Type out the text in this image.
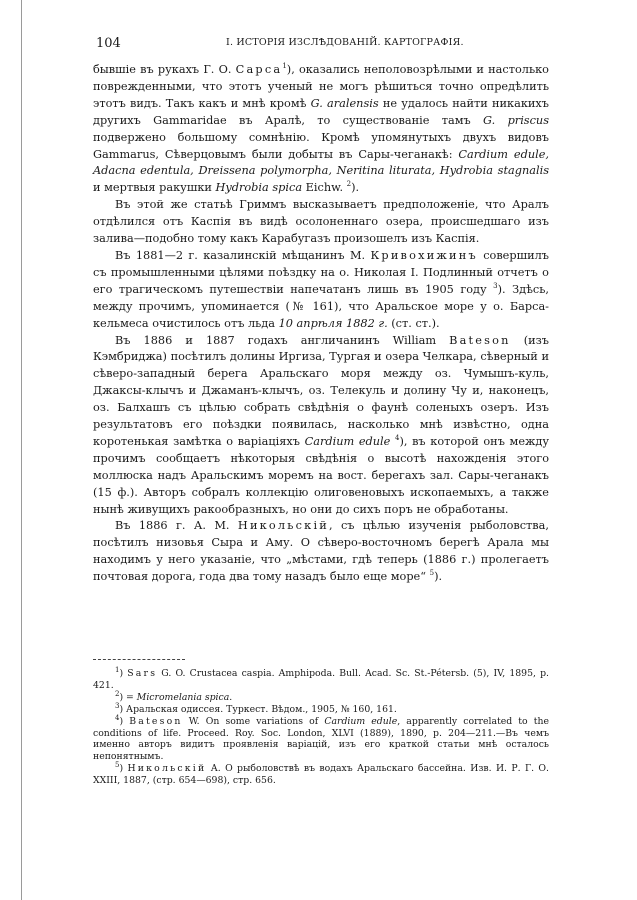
104	I. ИСТОРІЯ ИЗСЛѢДОВАНІЙ. КАРТОГРАФІЯ.

бывшіе въ рукахъ Г. О. Сарса$^1$), оказались неполовозрѣлыми и настолько поврежденными, что этотъ ученый не могъ рѣшиться точно опредѣлить этотъ видъ. Такъ какъ и мнѣ кромѣ G. aralensis не удалось найти никакихъ другихъ Gammaridae въ Аралѣ, то существованіе тамъ G. priscus подвержено большому сомнѣнію. Кромѣ упомянутыхъ двухъ видовъ Gammarus, Сѣверцовымъ были добыты въ Сары-чеганакѣ: Cardium edule, Adacna edentula, Dreissena polymorpha, Neritina liturata, Hydrobia stagnalis и мертвыя ракушки Hydrobia spica Eichw. $^2$).

Въ этой же статьѣ Гриммъ высказываетъ предположеніе, что Аралъ отдѣлился отъ Каспія въ видѣ осолоненнаго озера, происшедшаго изъ залива—подобно тому какъ Карабугазъ произошелъ изъ Каспія.

Въ 1881—2 г. казалинскій мѣщанинъ М. Кривохижинъ совершилъ съ промышленными цѣлями поѣздку на о. Николая I. Подлинный отчетъ о его трагическомъ путешествіи напечатанъ лишь въ 1905 году $^3$). Здѣсь, между прочимъ, упоминается (№ 161), что Аральское море у о. Барса-кельмеса очистилось отъ льда 10 апрѣля 1882 г. (ст. ст.).

Въ 1886 и 1887 годахъ англичанинъ William Bateson (изъ Кэмбриджа) посѣтилъ долины Иргиза, Тургая и озера Челкара, сѣверный и сѣверо-западный берега Аральскаго моря между оз. Чумышъ-куль, Джаксы-клычъ и Джаманъ-клычъ, оз. Телекуль и долину Чу и, наконецъ, оз. Балхашъ съ цѣлью собрать свѣдѣнія о фаунѣ соленыхъ озеръ. Изъ результатовъ его поѣздки появилась, насколько мнѣ извѣстно, одна коротенькая замѣтка о варіаціяхъ Cardium edule $^4$), въ которой онъ между прочимъ сообщаетъ нѣкоторыя свѣдѣнія о высотѣ нахожденія этого моллюска надъ Аральскимъ моремъ на вост. берегахъ зал. Сары-чеганакъ (15 ф.). Авторъ собралъ коллекцію олиговеновыхъ ископаемыхъ, а также нынѣ живущихъ ракообразныхъ, но они до сихъ поръ не обработаны.

Въ 1886 г. А. М. Никольскій, съ цѣлью изученія рыболовства, посѣтилъ низовья Сыра и Аму. О сѣверо-восточномъ берегѣ Арала мы находимъ у него указаніе, что „мѣстами, гдѣ теперь (1886 г.) пролегаетъ почтовая дорога, года два тому назадъ было еще море“ $^5$).

$^1$) Sars G. O. Crustacea caspia. Amphipoda. Bull. Acad. Sc. St.-Pétersb. (5), IV, 1895, p. 421.

$^2$) = Micromelania spica.

$^3$) Аральская одиссея. Туркест. Вѣдом., 1905, № 160, 161.

$^4$) Bateson W. On some variations of Cardium edule, apparently correlated to the conditions of life. Proceed. Roy. Soc. London, XLVI (1889), 1890, p. 204—211.—Въ чемъ именно авторъ видитъ проявленія варіацій, изъ его краткой статьи мнѣ осталось непонятнымъ.

$^5$) Никольскій А. О рыболовствѣ въ водахъ Аральскаго бассейна. Изв. И. Р. Г. О. XXIII, 1887, (стр. 654—698), стр. 656.
